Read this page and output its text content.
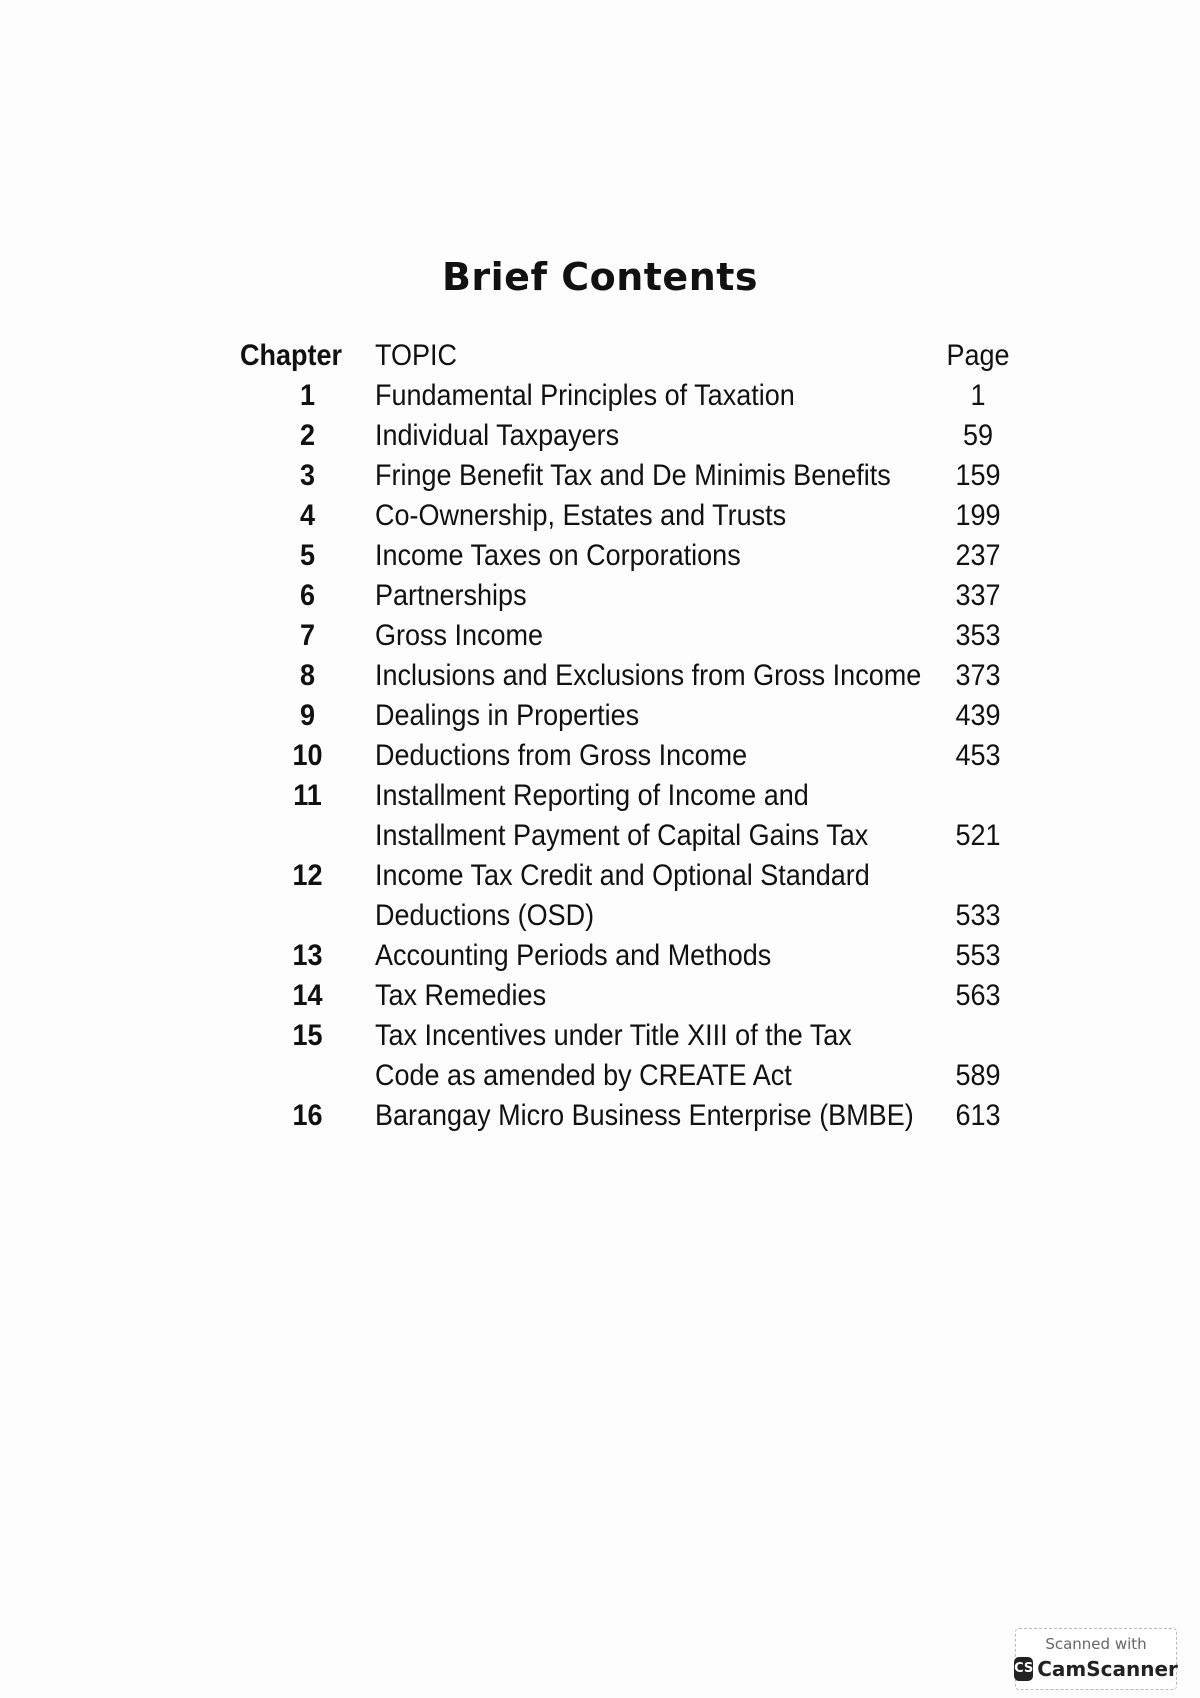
Brief Contents
Chapter	TOPIC	Page
1	Fundamental Principles of Taxation	1
2	Individual Taxpayers	59
3	Fringe Benefit Tax and De Minimis Benefits	159
4	Co-Ownership, Estates and Trusts	199
5	Income Taxes on Corporations	237
6	Partnerships	337
7	Gross Income	353
8	Inclusions and Exclusions from Gross Income	373
9	Dealings in Properties	439
10	Deductions from Gross Income	453
11	Installment Reporting of Income and
Installment Payment of Capital Gains Tax	521
12	Income Tax Credit and Optional Standard
Deductions (OSD)	533
13	Accounting Periods and Methods	553
14	Tax Remedies	563
15	Tax Incentives under Title XIII of the Tax
Code as amended by CREATE Act	589
16	Barangay Micro Business Enterprise (BMBE)	613
Scanned with
CS CamScanner
